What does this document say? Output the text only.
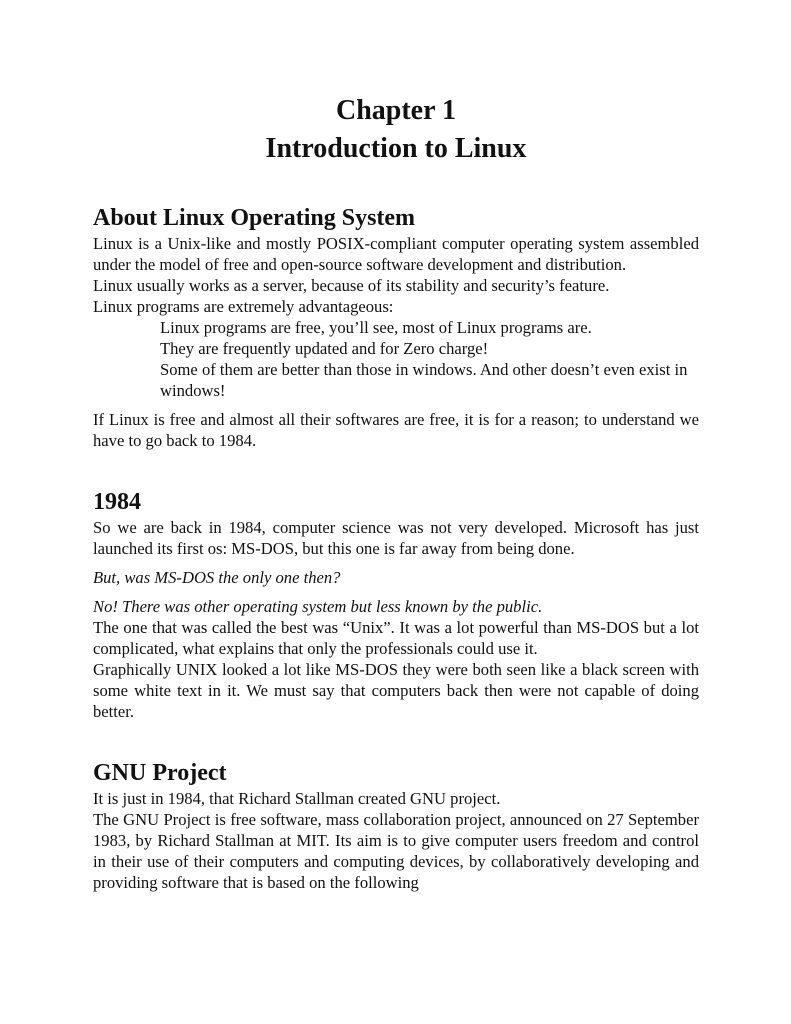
Chapter 1
Introduction to Linux
About Linux Operating System

Linux is a Unix-like and mostly POSIX-compliant computer operating system assembled under the model of free and open-source software development and distribution.

Linux usually works as a server, because of its stability and security’s feature.

Linux programs are extremely advantageous:

Linux programs are free, you’ll see, most of Linux programs are.

They are frequently updated and for Zero charge!

Some of them are better than those in windows. And other doesn’t even exist in windows!

If Linux is free and almost all their softwares are free, it is for a reason; to understand we have to go back to 1984.

1984

So we are back in 1984, computer science was not very developed. Microsoft has just launched its first os: MS-DOS, but this one is far away from being done.

But, was MS-DOS the only one then?

No! There was other operating system but less known by the public.

The one that was called the best was “Unix”. It was a lot powerful than MS-DOS but a lot complicated, what explains that only the professionals could use it.

Graphically UNIX looked a lot like MS-DOS they were both seen like a black screen with some white text in it. We must say that computers back then were not capable of doing better.

GNU Project

It is just in 1984, that Richard Stallman created GNU project.

The GNU Project is free software, mass collaboration project, announced on 27 September 1983, by Richard Stallman at MIT. Its aim is to give computer users freedom and control in their use of their computers and computing devices, by collaboratively developing and providing software that is based on the following
